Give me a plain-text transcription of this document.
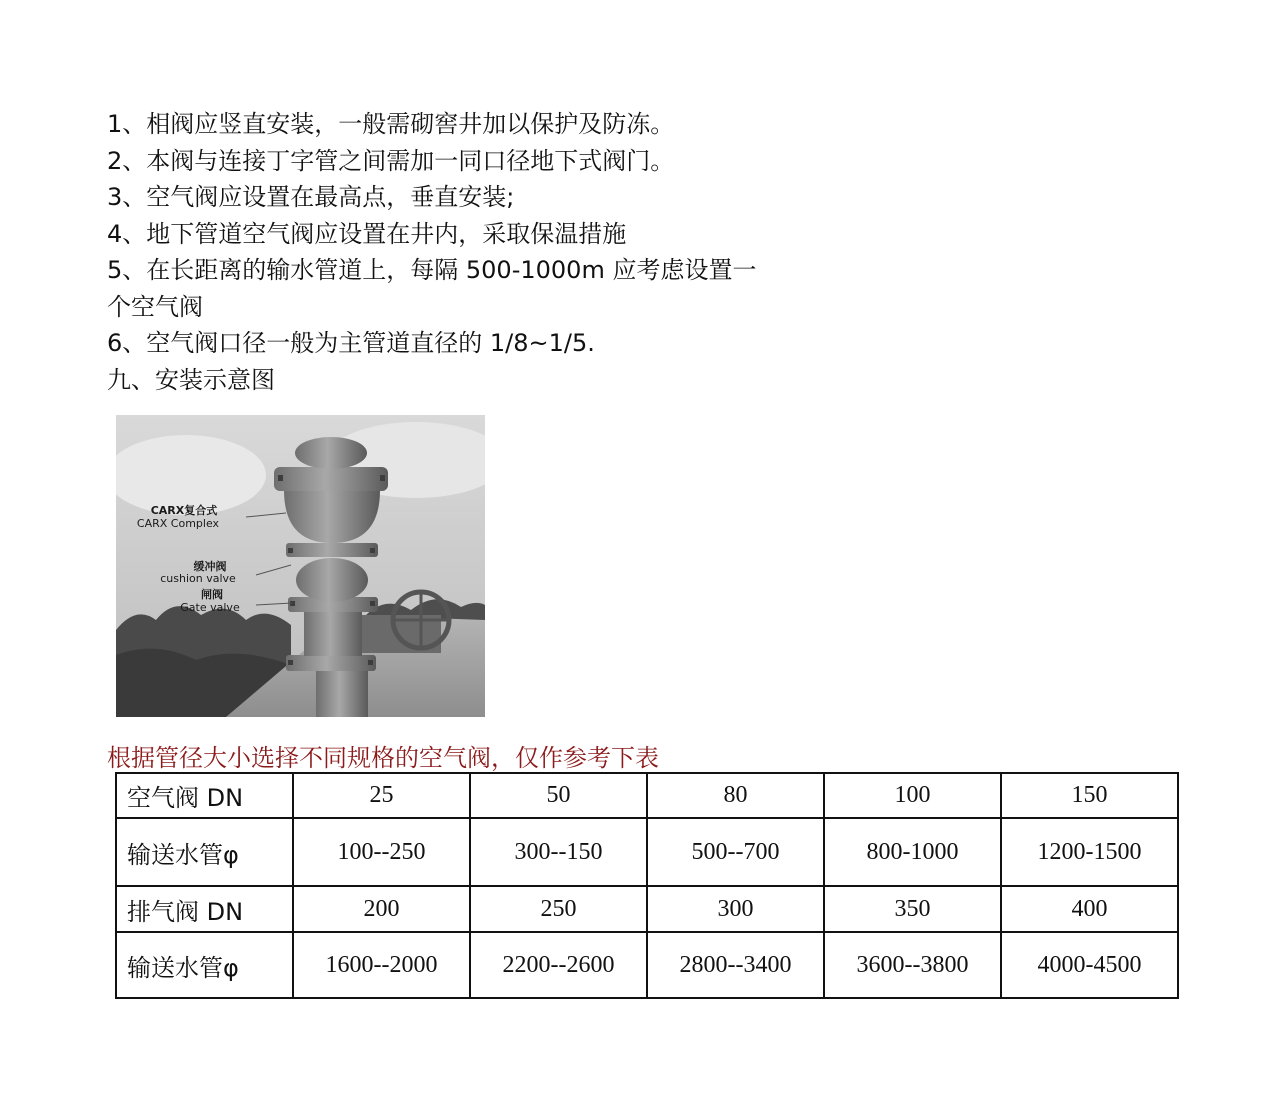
1、相阀应竖直安装，一般需砌窖井加以保护及防冻。
2、本阀与连接丁字管之间需加一同口径地下式阀门。
3、空气阀应设置在最高点，垂直安装;
4、地下管道空气阀应设置在井内，采取保温措施
5、在长距离的输水管道上，每隔 500-1000m 应考虑设置一
个空气阀
6、空气阀口径一般为主管道直径的 1/8~1/5.
九、安装示意图
CARX复合式
CARX Complex
缓冲阀
cushion valve
闸阀
Gate valve
根据管径大小选择不同规格的空气阀，仅作参考下表
空气阀 DN	25	50	80	100	150
输送水管φ	100--250	300--150	500--700	800-1000	1200-1500
排气阀 DN	200	250	300	350	400
输送水管φ	1600--2000	2200--2600	2800--3400	3600--3800	4000-4500
